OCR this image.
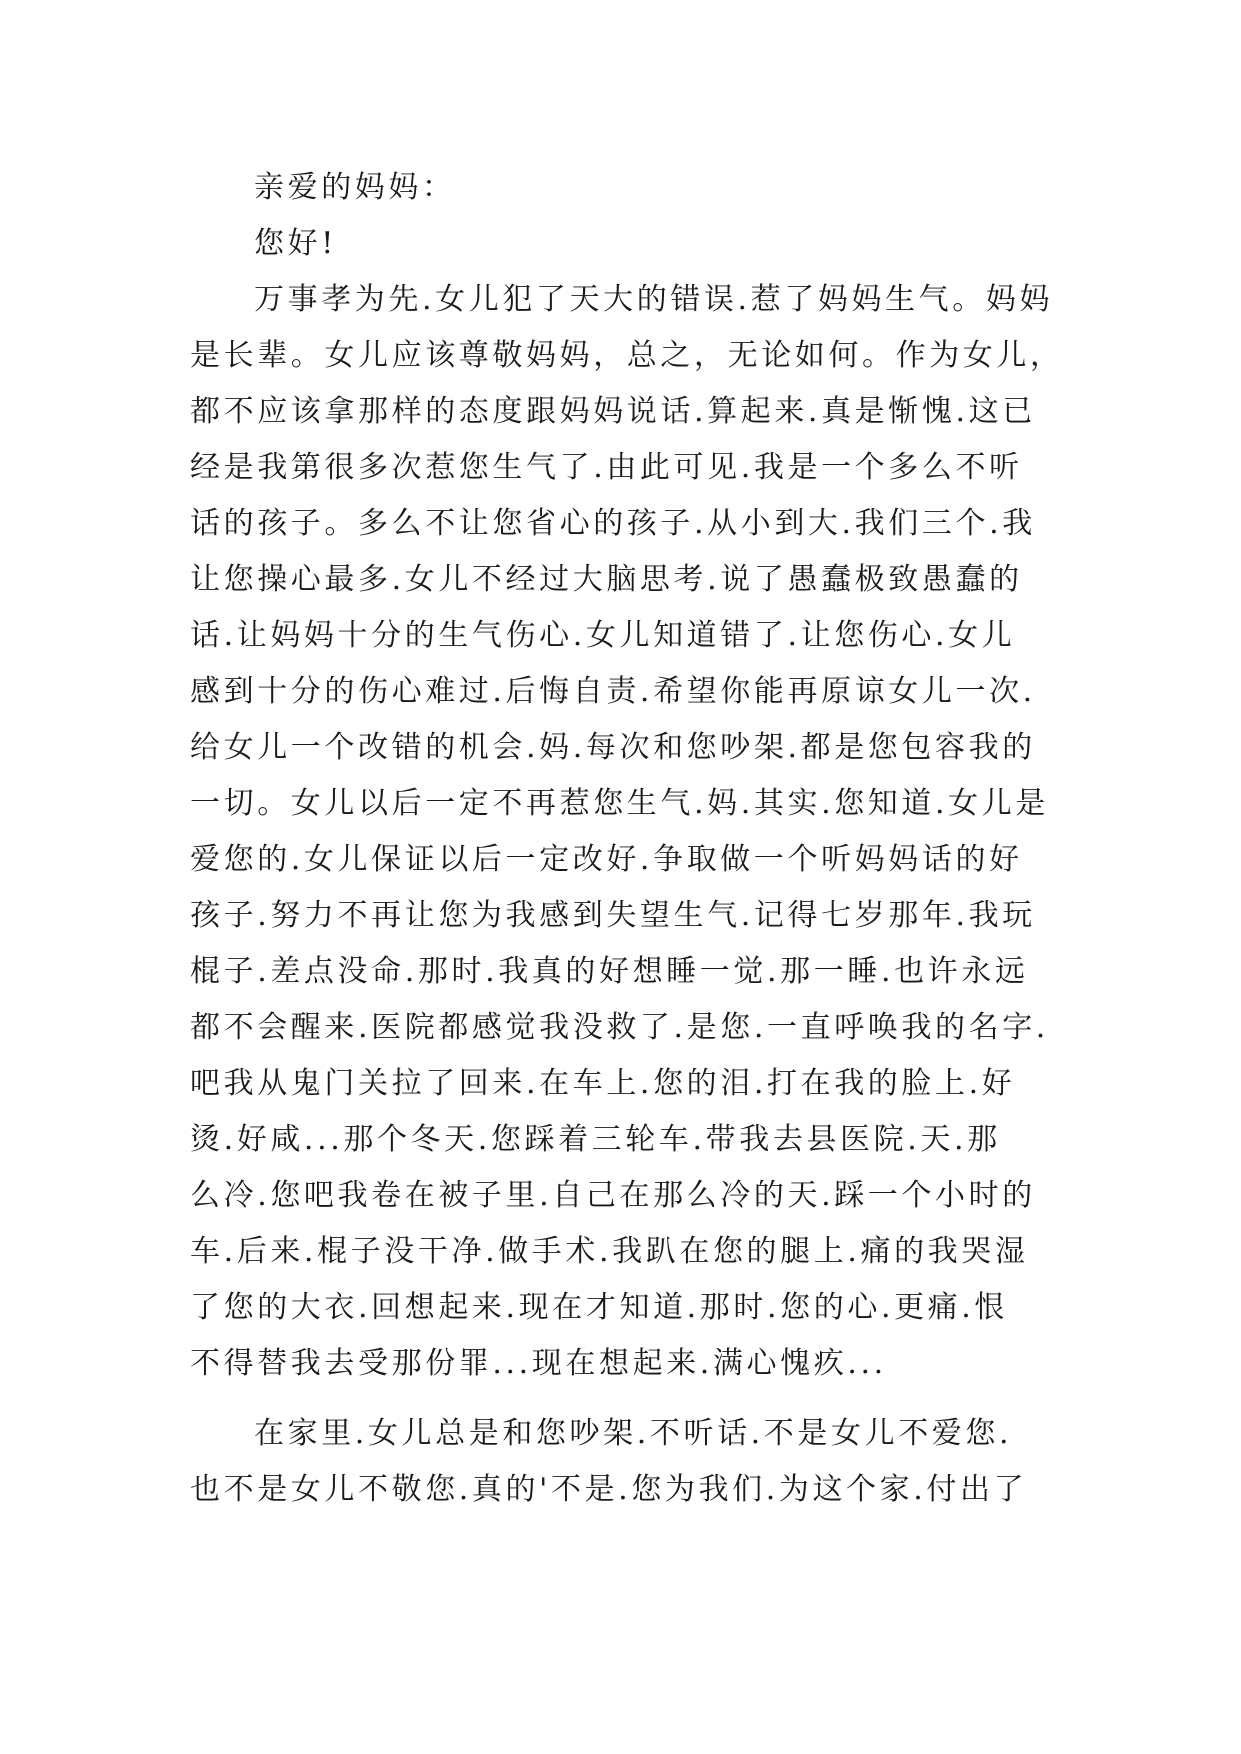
亲爱的妈妈：
您好!
万事孝为先.女儿犯了天大的错误.惹了妈妈生气。妈妈
是长辈。女儿应该尊敬妈妈，总之，无论如何。作为女儿，
都不应该拿那样的态度跟妈妈说话.算起来.真是惭愧.这已
经是我第很多次惹您生气了.由此可见.我是一个多么不听
话的孩子。多么不让您省心的孩子.从小到大.我们三个.我
让您操心最多.女儿不经过大脑思考.说了愚蠢极致愚蠢的
话.让妈妈十分的生气伤心.女儿知道错了.让您伤心.女儿
感到十分的伤心难过.后悔自责.希望你能再原谅女儿一次.
给女儿一个改错的机会.妈.每次和您吵架.都是您包容我的
一切。女儿以后一定不再惹您生气.妈.其实.您知道.女儿是
爱您的.女儿保证以后一定改好.争取做一个听妈妈话的好
孩子.努力不再让您为我感到失望生气.记得七岁那年.我玩
棍子.差点没命.那时.我真的好想睡一觉.那一睡.也许永远
都不会醒来.医院都感觉我没救了.是您.一直呼唤我的名字.
吧我从鬼门关拉了回来.在车上.您的泪.打在我的脸上.好
烫.好咸...那个冬天.您踩着三轮车.带我去县医院.天.那
么冷.您吧我卷在被子里.自己在那么冷的天.踩一个小时的
车.后来.棍子没干净.做手术.我趴在您的腿上.痛的我哭湿
了您的大衣.回想起来.现在才知道.那时.您的心.更痛.恨
不得替我去受那份罪...现在想起来.满心愧疚...
在家里.女儿总是和您吵架.不听话.不是女儿不爱您.
也不是女儿不敬您.真的'不是.您为我们.为这个家.付出了
